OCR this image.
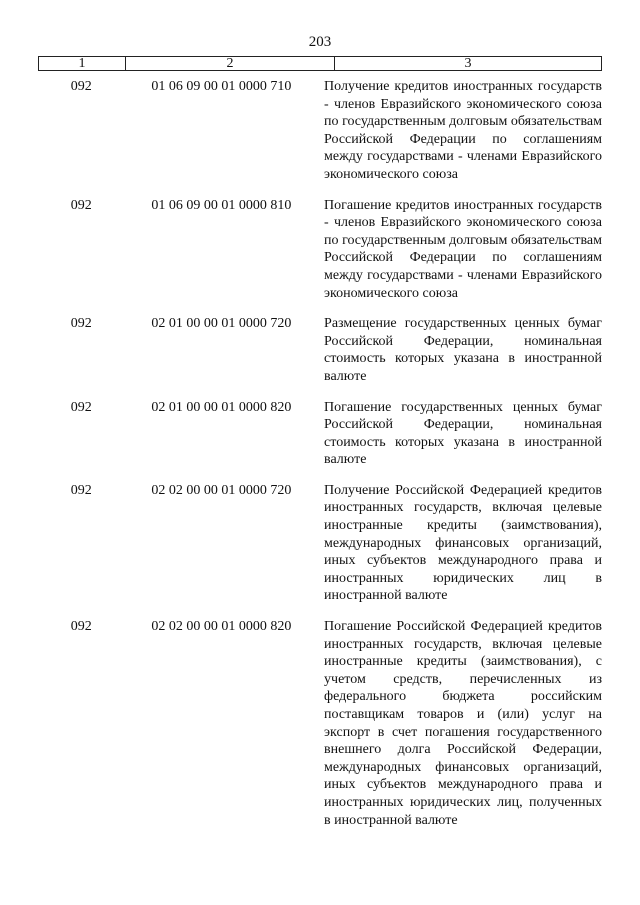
203
1	2	3
092	01 06 09 00 01 0000 710	Получение кредитов иностранных государств - членов Евразийского экономического союза по государственным долговым обязательствам Российской Федерации по соглашениям между государствами - членами Евразийского экономического союза
092	01 06 09 00 01 0000 810	Погашение кредитов иностранных государств - членов Евразийского экономического союза по государственным долговым обязательствам Российской Федерации по соглашениям между государствами - членами Евразийского экономического союза
092	02 01 00 00 01 0000 720	Размещение государственных ценных бумаг Российской Федерации, номинальная стоимость которых указана в иностранной валюте
092	02 01 00 00 01 0000 820	Погашение государственных ценных бумаг Российской Федерации, номинальная стоимость которых указана в иностранной валюте
092	02 02 00 00 01 0000 720	Получение Российской Федерацией кредитов иностранных государств, включая целевые иностранные кредиты (заимствования), международных финансовых организаций, иных субъектов международного права и иностранных юридических лиц в иностранной валюте
092	02 02 00 00 01 0000 820	Погашение Российской Федерацией кредитов иностранных государств, включая целевые иностранные кредиты (заимствования), с учетом средств, перечисленных из федерального бюджета российским поставщикам товаров и (или) услуг на экспорт в счет погашения государственного внешнего долга Российской Федерации, международных финансовых организаций, иных субъектов международного права и иностранных юридических лиц, полученных в иностранной валюте
